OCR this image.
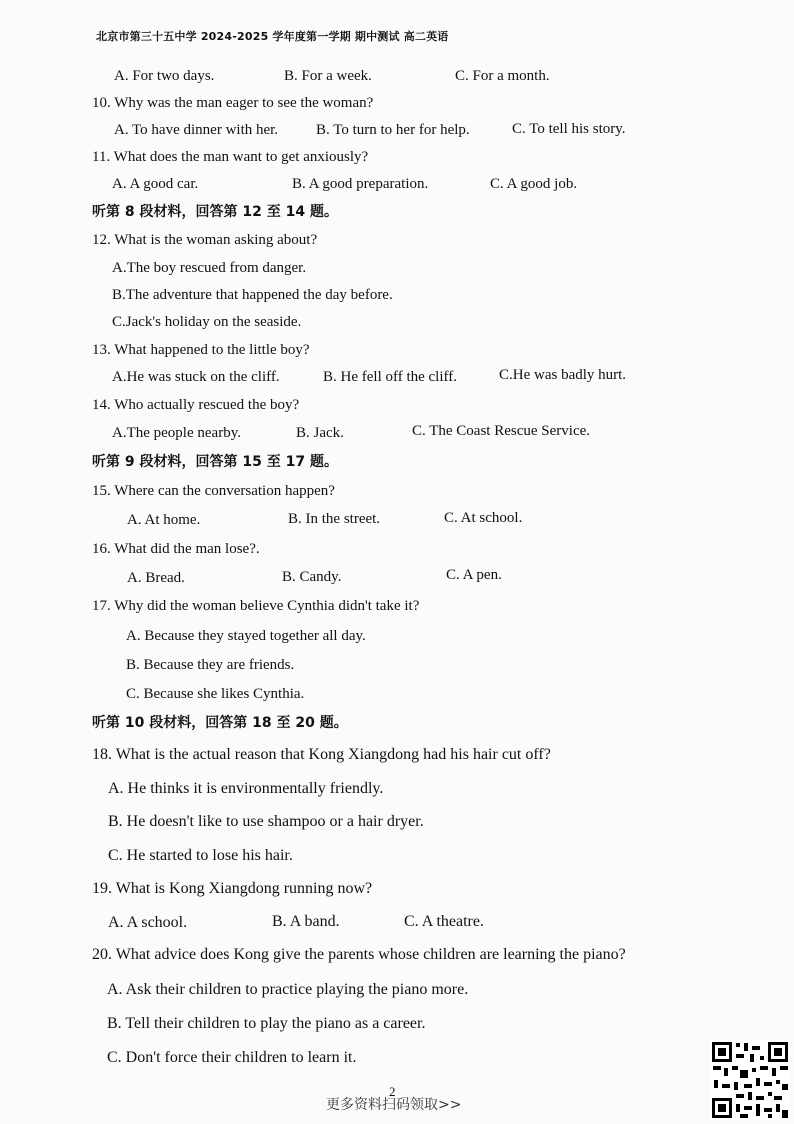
北京市第三十五中学 2024-2025 学年度第一学期 期中测试 高二英语
A. For two days.	B. For a week.	C. For a month.
10. Why was the man eager to see the woman?
A. To have dinner with her.	B. To turn to her for help.	C. To tell his story.
11. What does the man want to get anxiously?
A. A good car.	B. A good preparation.	C. A good job.
听第 8 段材料，回答第 12 至 14 题。
12. What is the woman asking about?
A.The boy rescued from danger.
B.The adventure that happened the day before.
C.Jack's holiday on the seaside.
13. What happened to the little boy?
A.He was stuck on the cliff.	B. He fell off the cliff.	C.He was badly hurt.
14. Who actually rescued the boy?
A.The people nearby.	B. Jack.	C. The Coast Rescue Service.
听第 9 段材料，回答第 15 至 17 题。
15. Where can the conversation happen?
A. At home.	B. In the street.	C. At school.
16. What did the man lose?.
A. Bread.	B. Candy.	C. A pen.
17. Why did the woman believe Cynthia didn't take it?
A. Because they stayed together all day.
B. Because they are friends.
C. Because she likes Cynthia.
听第 10 段材料，回答第 18 至 20 题。
18. What is the actual reason that Kong Xiangdong had his hair cut off?
A. He thinks it is environmentally friendly.
B. He doesn't like to use shampoo or a hair dryer.
C. He started to lose his hair.
19. What is Kong Xiangdong running now?
A. A school.	B. A band.	C. A theatre.
20. What advice does Kong give the parents whose children are learning the piano?
A. Ask their children to practice playing the piano more.
B. Tell their children to play the piano as a career.
C. Don't force their children to learn it.
2
更多资料扫码领取>>
